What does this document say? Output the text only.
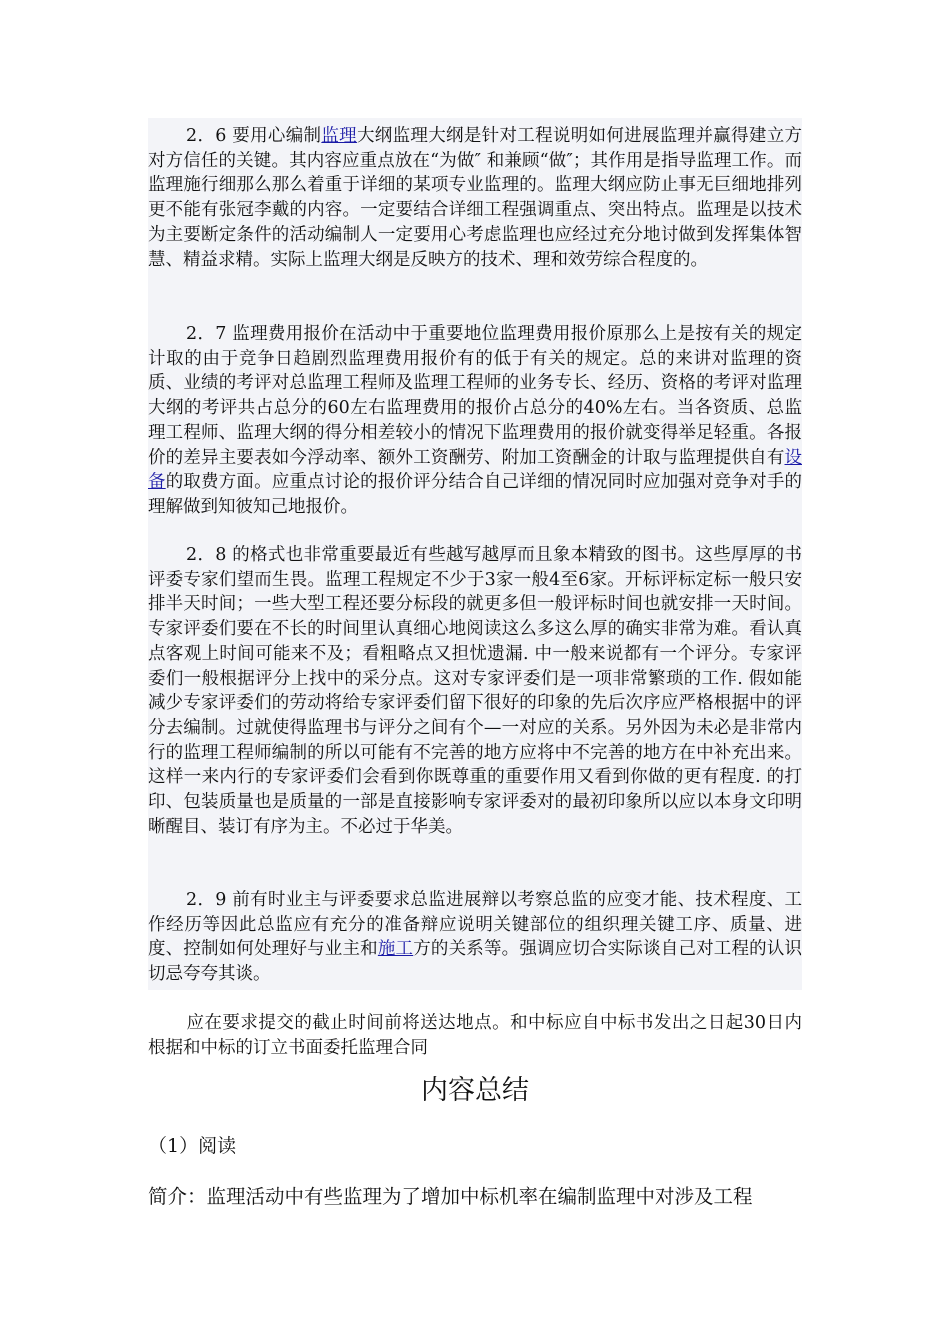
2．6 要用心编制监理大纲监理大纲是针对工程说明如何进展监理并赢得建立方对方信任的关键。其内容应重点放在“为做″ 和兼顾“做″；其作用是指导监理工作。而监理施行细那么那么着重于详细的某项专业监理的。监理大纲应防止事无巨细地排列更不能有张冠李戴的内容。一定要结合详细工程强调重点、突出特点。监理是以技术为主要断定条件的活动编制人一定要用心考虑监理也应经过充分地讨做到发挥集体智慧、精益求精。实际上监理大纲是反映方的技术、理和效劳综合程度的。

2．7 监理费用报价在活动中于重要地位监理费用报价原那么上是按有关的规定计取的由于竞争日趋剧烈监理费用报价有的低于有关的规定。总的来讲对监理的资质、业绩的考评对总监理工程师及监理工程师的业务专长、经历、资格的考评对监理大纲的考评共占总分的60左右监理费用的报价占总分的40%左右。当各资质、总监理工程师、监理大纲的得分相差较小的情况下监理费用的报价就变得举足轻重。各报价的差异主要表如今浮动率、额外工资酬劳、附加工资酬金的计取与监理提供自有设备的取费方面。应重点讨论的报价评分结合自己详细的情况同时应加强对竞争对手的理解做到知彼知己地报价。

2．8 的格式也非常重要最近有些越写越厚而且象本精致的图书。这些厚厚的书评委专家们望而生畏。监理工程规定不少于3家一般4至6家。开标评标定标一般只安排半天时间；一些大型工程还要分标段的就更多但一般评标时间也就安排一天时间。专家评委们要在不长的时间里认真细心地阅读这么多这么厚的确实非常为难。看认真点客观上时间可能来不及；看粗略点又担忧遗漏. 中一般来说都有一个评分。专家评委们一般根据评分上找中的采分点。这对专家评委们是一项非常繁琐的工作. 假如能减少专家评委们的劳动将给专家评委们留下很好的印象的先后次序应严格根据中的评分去编制。过就使得监理书与评分之间有个—一对应的关系。另外因为未必是非常内行的监理工程师编制的所以可能有不完善的地方应将中不完善的地方在中补充出来。这样一来内行的专家评委们会看到你既尊重的重要作用又看到你做的更有程度. 的打印、包装质量也是质量的一部是直接影响专家评委对的最初印象所以应以本身文印明晰醒目、装订有序为主。不必过于华美。

2．9 前有时业主与评委要求总监进展辩以考察总监的应变才能、技术程度、工作经历等因此总监应有充分的准备辩应说明关键部位的组织理关键工序、质量、进度、控制如何处理好与业主和施工方的关系等。强调应切合实际谈自己对工程的认识切忌夸夸其谈。

应在要求提交的截止时间前将送达地点。和中标应自中标书发出之日起30日内根据和中标的订立书面委托监理合同

内容总结

（1）阅读

简介：监理活动中有些监理为了增加中标机率在编制监理中对涉及工程
